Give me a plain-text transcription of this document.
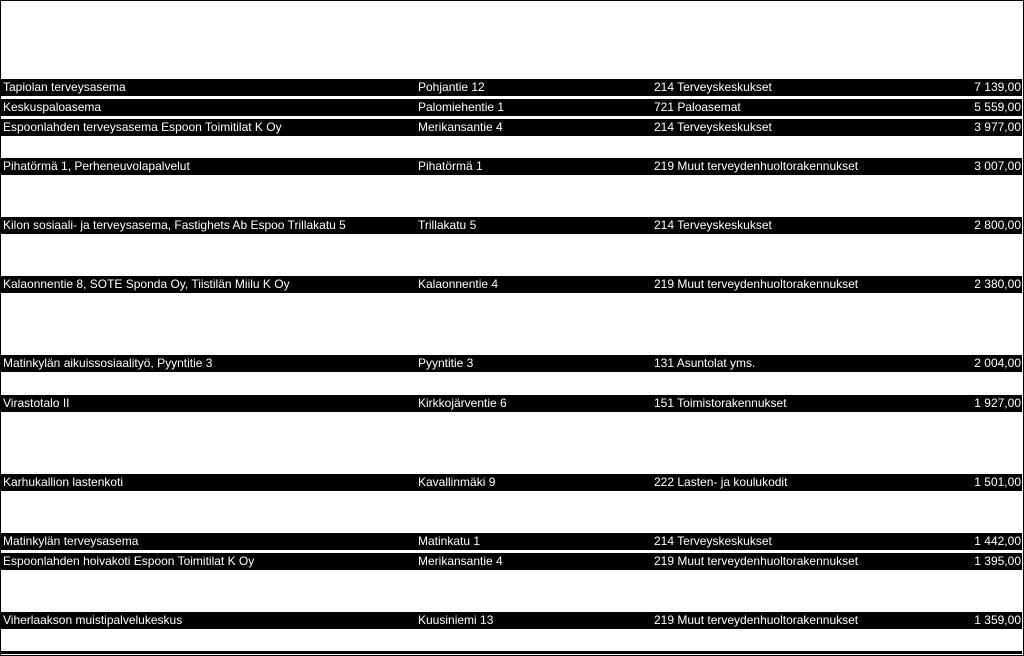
Tapiolan terveysasema	Pohjantie 12	214 Terveyskeskukset	7 139,00
Keskuspaloasema	Palomiehentie 1	721 Paloasemat	5 559,00
Espoonlahden terveysasema Espoon Toimitilat K Oy	Merikansantie 4	214 Terveyskeskukset	3 977,00
Pihatörmä 1, Perheneuvolapalvelut	Pihatörmä 1	219 Muut terveydenhuoltorakennukset	3 007,00
Kilon sosiaali- ja terveysasema, Fastighets Ab Espoo Trillakatu 5	Trillakatu 5	214 Terveyskeskukset	2 800,00
Kalaonnentie 8, SOTE Sponda Oy, Tiistilän Miilu K Oy	Kalaonnentie 4	219 Muut terveydenhuoltorakennukset	2 380,00
Matinkylän aikuissosiaalityö, Pyyntitie 3	Pyyntitie 3	131 Asuntolat yms.	2 004,00
Virastotalo II	Kirkkojärventie 6	151 Toimistorakennukset	1 927,00
Karhukallion lastenkoti	Kavallinmäki 9	222 Lasten- ja koulukodit	1 501,00
Matinkylän terveysasema	Matinkatu 1	214 Terveyskeskukset	1 442,00
Espoonlahden hoivakoti Espoon Toimitilat K Oy	Merikansantie 4	219 Muut terveydenhuoltorakennukset	1 395,00
Viherlaakson muistipalvelukeskus	Kuusiniemi 13	219 Muut terveydenhuoltorakennukset	1 359,00
